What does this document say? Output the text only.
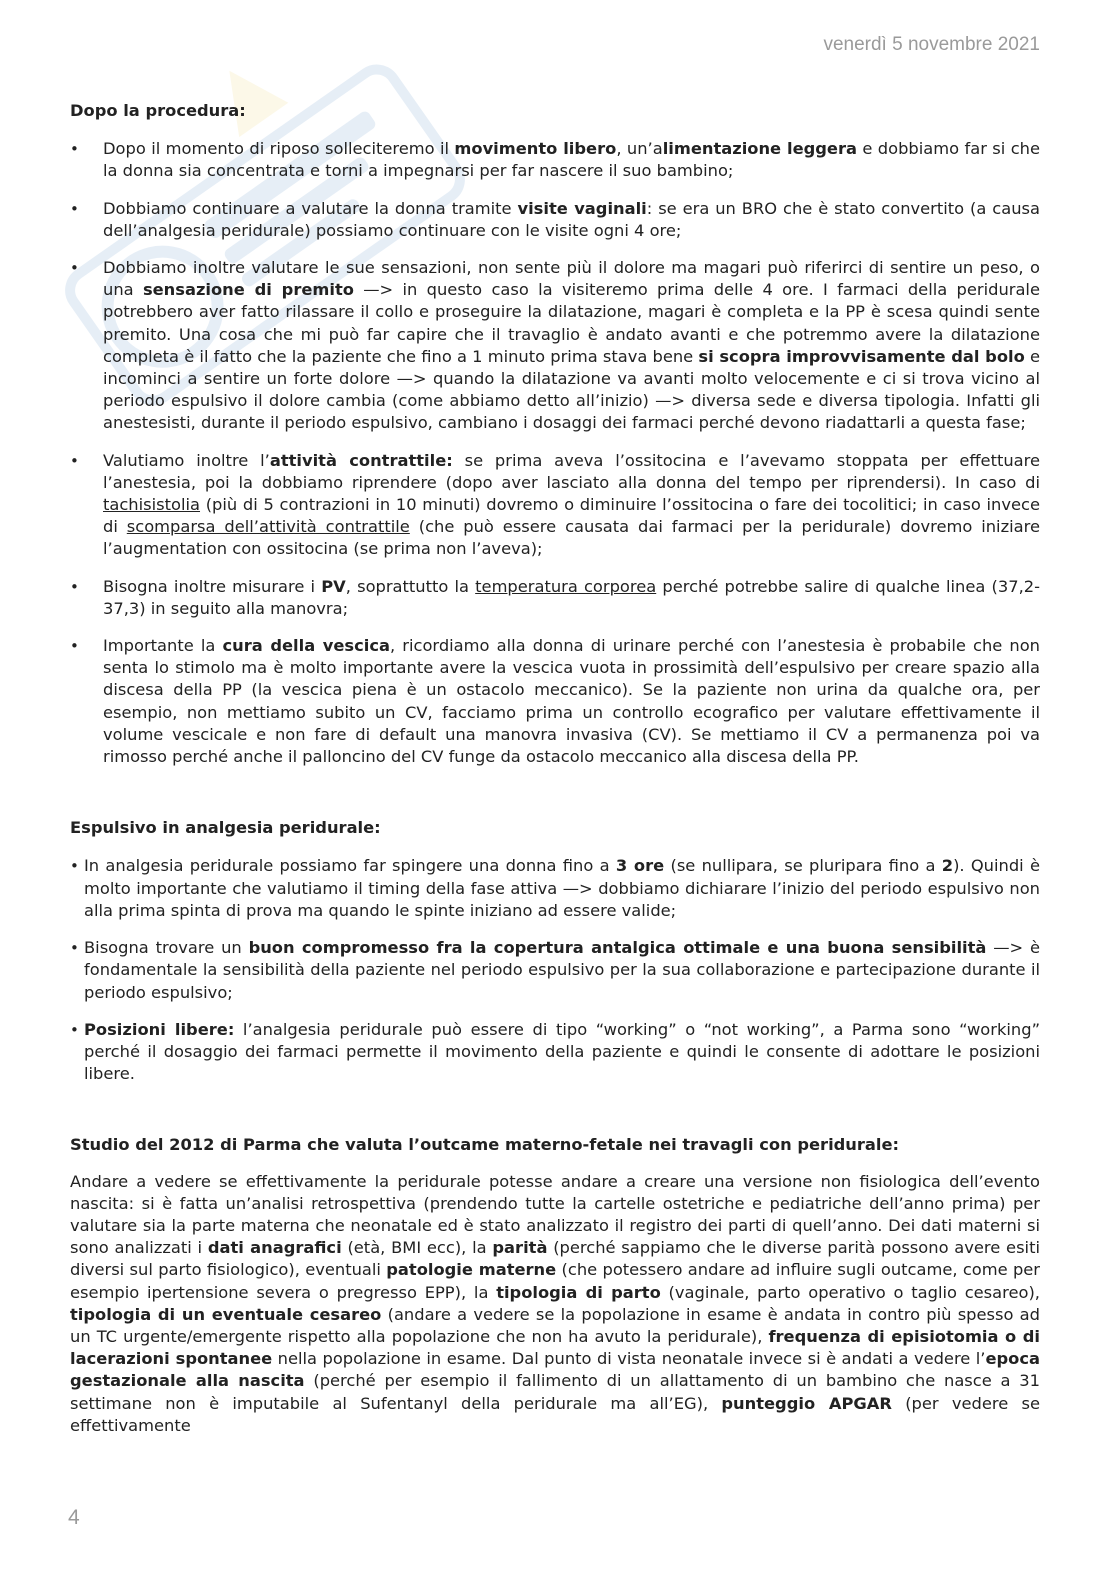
venerdì 5 novembre 2021

Dopo la procedura:

• Dopo il momento di riposo solleciteremo il movimento libero, un’alimentazione leggera e dobbiamo far si che la donna sia concentrata e torni a impegnarsi per far nascere il suo bambino;
• Dobbiamo continuare a valutare la donna tramite visite vaginali: se era un BRO che è stato convertito (a causa dell’analgesia peridurale) possiamo continuare con le visite ogni 4 ore;
• Dobbiamo inoltre valutare le sue sensazioni, non sente più il dolore ma magari può riferirci di sentire un peso, o una sensazione di premito —> in questo caso la visiteremo prima delle 4 ore. I farmaci della peridurale potrebbero aver fatto rilassare il collo e proseguire la dilatazione, magari è completa e la PP è scesa quindi sente premito. Una cosa che mi può far capire che il travaglio è andato avanti e che potremmo avere la dilatazione completa è il fatto che la paziente che fino a 1 minuto prima stava bene si scopra improvvisamente dal bolo e incominci a sentire un forte dolore —> quando la dilatazione va avanti molto velocemente e ci si trova vicino al periodo espulsivo il dolore cambia (come abbiamo detto all’inizio) —> diversa sede e diversa tipologia. Infatti gli anestesisti, durante il periodo espulsivo, cambiano i dosaggi dei farmaci perché devono riadattarli a questa fase;
• Valutiamo inoltre l’attività contrattile: se prima aveva l’ossitocina e l’avevamo stoppata per effettuare l’anestesia, poi la dobbiamo riprendere (dopo aver lasciato alla donna del tempo per riprendersi). In caso di tachisistolia (più di 5 contrazioni in 10 minuti) dovremo o diminuire l’ossitocina o fare dei tocolitici; in caso invece di scomparsa dell’attività contrattile (che può essere causata dai farmaci per la peridurale) dovremo iniziare l’augmentation con ossitocina (se prima non l’aveva);
• Bisogna inoltre misurare i PV, soprattutto la temperatura corporea perché potrebbe salire di qualche linea (37,2-37,3) in seguito alla manovra;
• Importante la cura della vescica, ricordiamo alla donna di urinare perché con l’anestesia è probabile che non senta lo stimolo ma è molto importante avere la vescica vuota in prossimità dell’espulsivo per creare spazio alla discesa della PP (la vescica piena è un ostacolo meccanico). Se la paziente non urina da qualche ora, per esempio, non mettiamo subito un CV, facciamo prima un controllo ecografico per valutare effettivamente il volume vescicale e non fare di default una manovra invasiva (CV). Se mettiamo il CV a permanenza poi va rimosso perché anche il palloncino del CV funge da ostacolo meccanico alla discesa della PP.

Espulsivo in analgesia peridurale:

• In analgesia peridurale possiamo far spingere una donna fino a 3 ore (se nullipara, se pluripara fino a 2). Quindi è molto importante che valutiamo il timing della fase attiva —> dobbiamo dichiarare l’inizio del periodo espulsivo non alla prima spinta di prova ma quando le spinte iniziano ad essere valide;
• Bisogna trovare un buon compromesso fra la copertura antalgica ottimale e una buona sensibilità —> è fondamentale la sensibilità della paziente nel periodo espulsivo per la sua collaborazione e partecipazione durante il periodo espulsivo;
• Posizioni libere: l’analgesia peridurale può essere di tipo “working” o “not working”, a Parma sono “working” perché il dosaggio dei farmaci permette il movimento della paziente e quindi le consente di adottare le posizioni libere.

Studio del 2012 di Parma che valuta l’outcame materno-fetale nei travagli con peridurale:

Andare a vedere se effettivamente la peridurale potesse andare a creare una versione non fisiologica dell’evento nascita: si è fatta un’analisi retrospettiva (prendendo tutte la cartelle ostetriche e pediatriche dell’anno prima) per valutare sia la parte materna che neonatale ed è stato analizzato il registro dei parti di quell’anno. Dei dati materni si sono analizzati i dati anagrafici (età, BMI ecc), la parità (perché sappiamo che le diverse parità possono avere esiti diversi sul parto fisiologico), eventuali patologie materne (che potessero andare ad influire sugli outcame, come per esempio ipertensione severa o pregresso EPP), la tipologia di parto (vaginale, parto operativo o taglio cesareo), tipologia di un eventuale cesareo (andare a vedere se la popolazione in esame è andata in contro più spesso ad un TC urgente/emergente rispetto alla popolazione che non ha avuto la peridurale), frequenza di episiotomia o di lacerazioni spontanee nella popolazione in esame. Dal punto di vista neonatale invece si è andati a vedere l’epoca gestazionale alla nascita (perché per esempio il fallimento di un allattamento di un bambino che nasce a 31 settimane non è imputabile al Sufentanyl della peridurale ma all’EG), punteggio APGAR (per vedere se effettivamente

4
